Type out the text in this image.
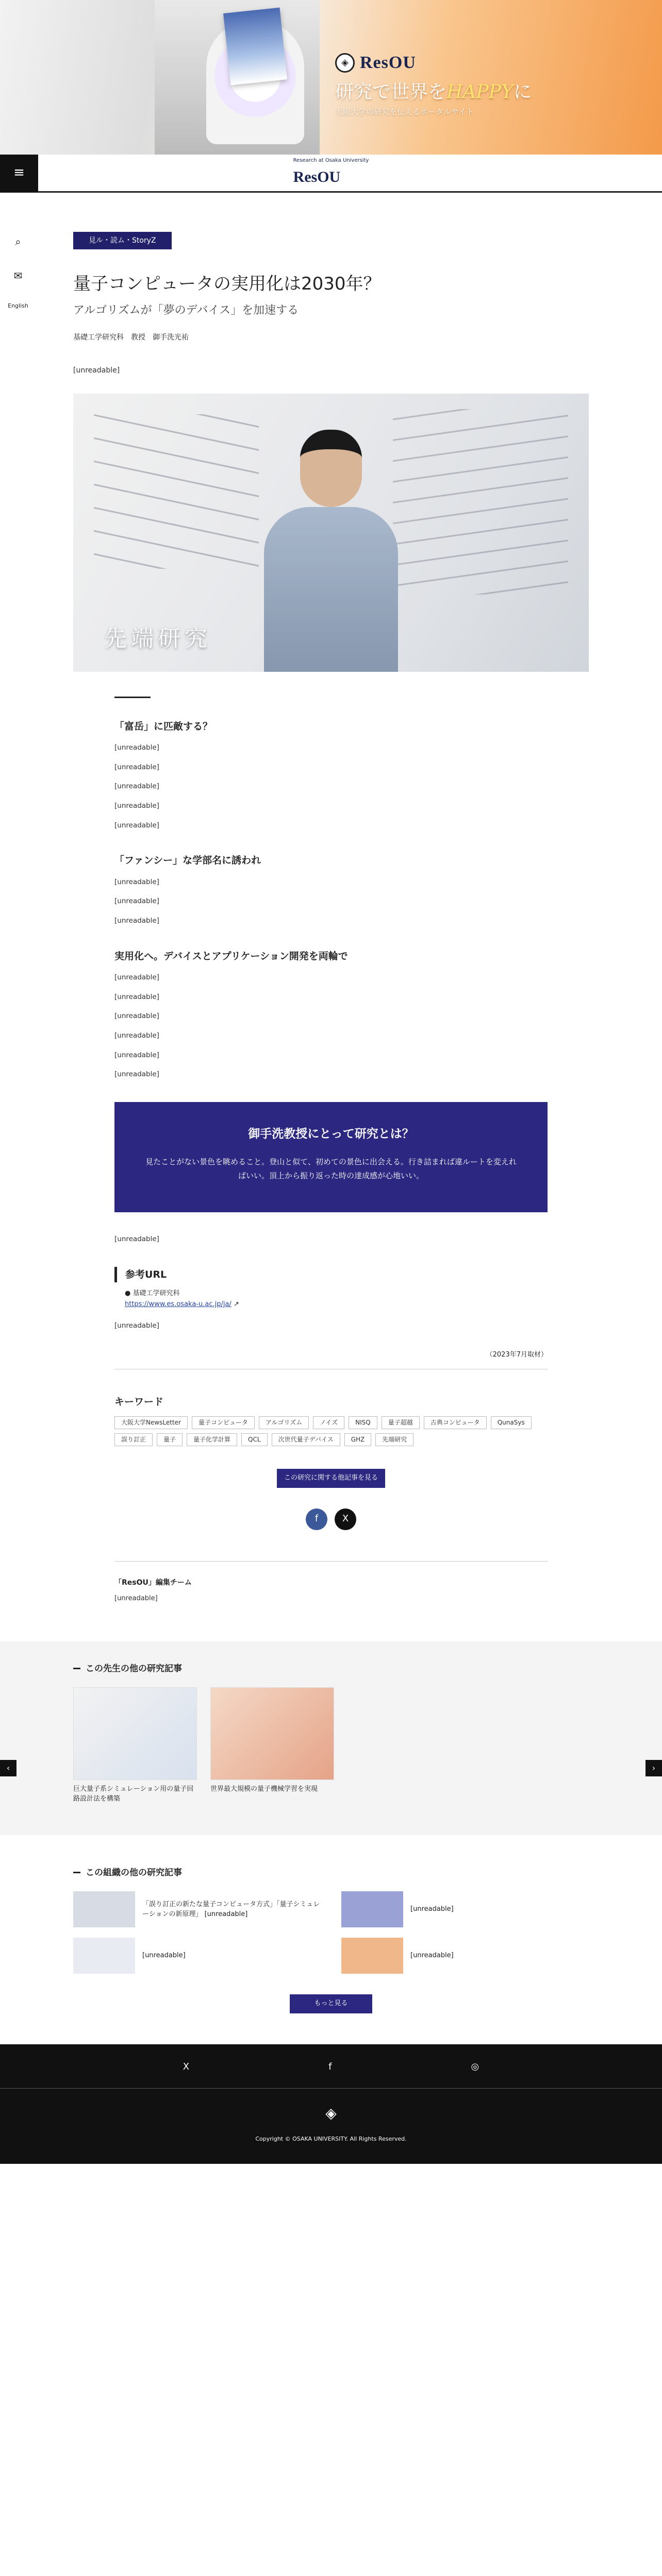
◈ ResOU
研究で世界をHAPPYに
大阪大学の研究を伝えるポータルサイト
≡
Research at Osaka University
ResOU
⌕
✉
English
見ル・読ム・StoryZ
量子コンピュータの実用化は2030年？
アルゴリズムが「夢のデバイス」を加速する
基礎工学研究科　教授　御手洗光祐

[unreadable]

先端研究
「富岳」に匹敵する？

[unreadable]

[unreadable]

[unreadable]

[unreadable]

[unreadable]

「ファンシー」な学部名に誘われ

[unreadable]

[unreadable]

[unreadable]

実用化へ。デバイスとアプリケーション開発を両輪で

[unreadable]

[unreadable]

[unreadable]

[unreadable]

[unreadable]

[unreadable]

御手洗教授にとって研究とは？

見たことがない景色を眺めること。登山と似て、初めての景色に出会える。行き詰まれば違ルートを変えればいい。頂上から振り返った時の達成感が心地いい。

[unreadable]

参考URL
● 基礎工学研究科
https://www.es.osaka-u.ac.jp/ja/ ↗

[unreadable]

（2023年7月取材）
キーワード
大阪大学NewsLetter	量子コンピュータ	アルゴリズム	ノイズ	NISQ	量子超越	古典コンピュータ	QunaSys
誤り訂正	量子	量子化学計算	QCL	次世代量子デバイス	GHZ	先端研究
この研究に関する他記事を見る
f	X
「ResOU」編集チーム

[unreadable]

この先生の他の研究記事
巨大量子系シミュレーション用の量子回路設計法を構築
世界最大規模の量子機械学習を実現
‹	›
この組織の他の研究記事
「誤り訂正の新たな量子コンピュータ方式」「量子シミュレーションの新原理」 [unreadable]
[unreadable]
[unreadable]	[unreadable]
もっと見る
X	f	◎
◈
Copyright © OSAKA UNIVERSITY. All Rights Reserved.
